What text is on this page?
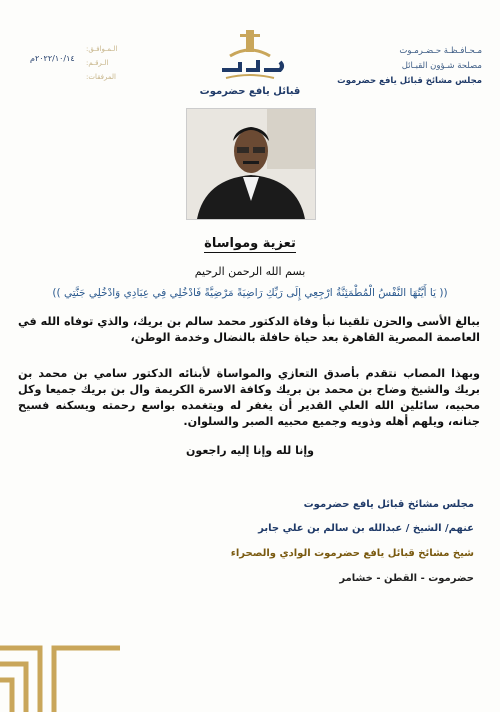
مـحـافـظـة حـضـرمـوت
مصلحة شـؤون القبـائل
مجلس مشائخ قبائل يافع حضرموت
الـمـوافـق:
الـرقـم:
المرفقات:
٢٠٢٢/١٠/١٤م
قبائل يافع حضرموت
تعزية ومواساة
بسم الله الرحمن الرحيم
(( يَا أَيَّتُهَا النَّفْسُ الْمُطْمَئِنَّةُ ارْجِعِي إِلَى رَبِّكِ رَاضِيَةً مَرْضِيَّةً فَادْخُلِي فِي عِبَادِي وَادْخُلِي جَنَّتِي ))
ببالغ الأسى والحزن تلقينا نبأ وفاة الدكتور محمد سالم بن بريك، والذي توفاه الله في العاصمة المصرية القاهرة بعد حياة حافلة بالنضال وخدمة الوطن،
وبهذا المصاب نتقدم بأصدق التعازي والمواساة لأبنائه الدكتور سامي بن محمد بن بريك والشيخ وضاح بن محمد بن بريك وكافة الاسرة الكريمة وال بن بريك جميعا وكل محبيه، سائلين الله العلي القدير أن يغفر له ويتغمده بواسع رحمته ويسكنه فسيح جنانه، ويلهم أهله وذويه وجميع محبيه الصبر والسلوان.
وإنا لله وإنا إليه راجعون
مجلس مشائخ قبائل يافع حضرموت
عنهم/ الشيخ / عبدالله بن سالم بن علي جابر
شيخ مشائخ قبائل يافع حضرموت الوادي والصحراء
حضرموت - القطن - خشامر
